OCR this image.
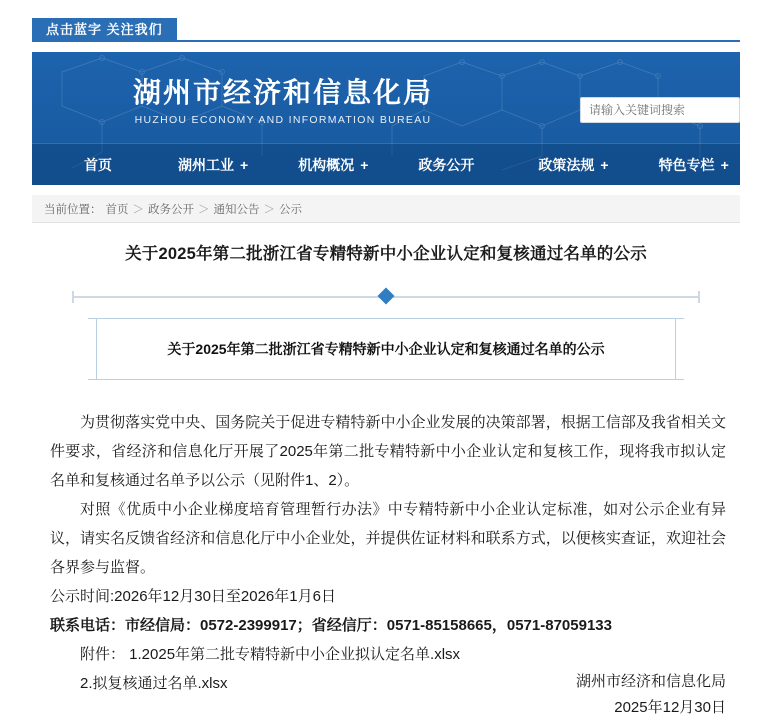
点击蓝字 关注我们
湖州市经济和信息化局
HUZHOU ECONOMY AND INFORMATION BUREAU
请输入关键词搜索
首页	湖州工业 +	机构概况 +	政务公开	政策法规 +	特色专栏 +
当前位置： 首页 ＞ 政务公开 ＞ 通知公告 ＞ 公示
关于2025年第二批浙江省专精特新中小企业认定和复核通过名单的公示
关于2025年第二批浙江省专精特新中小企业认定和复核通过名单的公示

为贯彻落实党中央、国务院关于促进专精特新中小企业发展的决策部署，根据工信部及我省相关文件要求，省经济和信息化厅开展了2025年第二批专精特新中小企业认定和复核工作，现将我市拟认定名单和复核通过名单予以公示（见附件1、2）。

对照《优质中小企业梯度培育管理暂行办法》中专精特新中小企业认定标准，如对公示企业有异议，请实名反馈省经济和信息化厅中小企业处，并提供佐证材料和联系方式，以便核实查证，欢迎社会各界参与监督。

公示时间:2026年12月30日至2026年1月6日

联系电话：市经信局：0572-2399917；省经信厅：0571-85158665，0571-87059133

附件： 1.2025年第二批专精特新中小企业拟认定名单.xlsx

2.拟复核通过名单.xlsx	湖州市经济和信息化局
2025年12月30日
